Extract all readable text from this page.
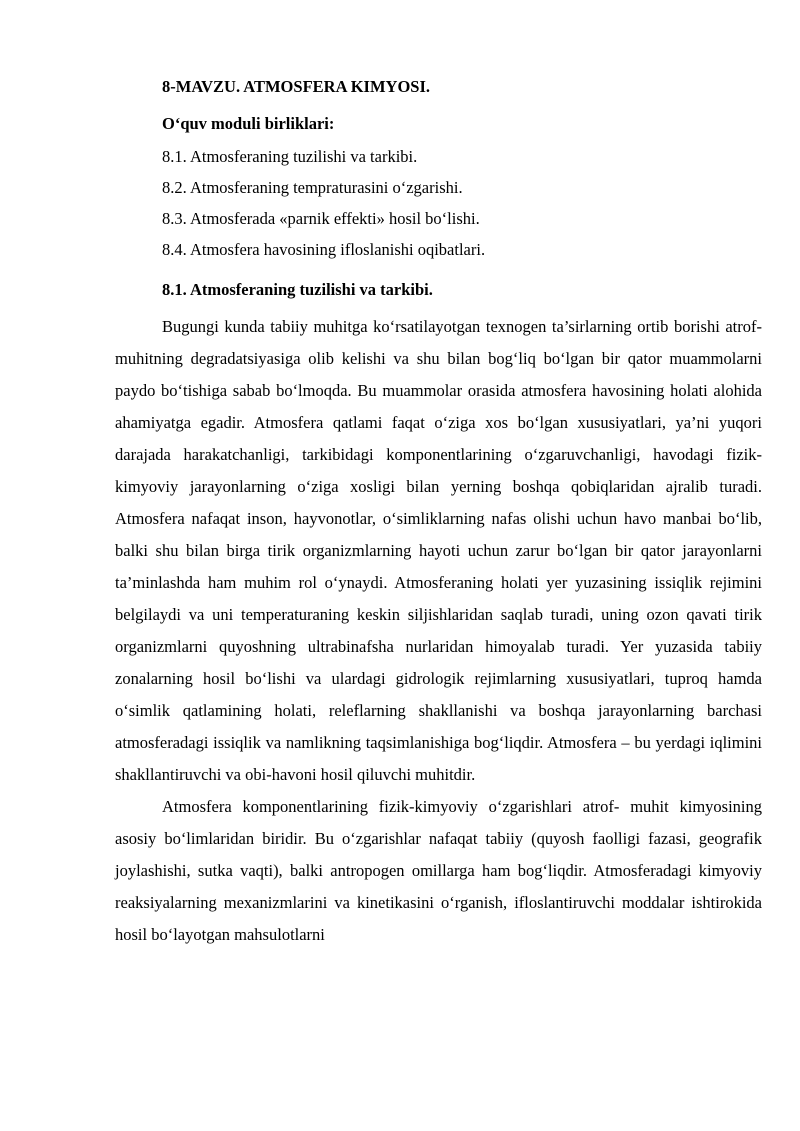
8-MAVZU. ATMOSFERA KIMYOSI.
O‘quv moduli birliklari:
8.1. Atmosferaning tuzilishi va tarkibi.
8.2. Atmosferaning tempraturasini o‘zgarishi.
8.3. Atmosferada «parnik effekti» hosil bo‘lishi.
8.4. Atmosfera havosining ifloslanishi oqibatlari.
8.1. Atmosferaning tuzilishi va tarkibi.

Bugungi kunda tabiiy muhitga ko‘rsatilayotgan texnogen ta’sirlarning ortib borishi atrof-muhitning degradatsiyasiga olib kelishi va shu bilan bog‘liq bo‘lgan bir qator muammolarni paydo bo‘tishiga sabab bo‘lmoqda. Bu muammolar orasida atmosfera havosining holati alohida ahamiyatga egadir. Atmosfera qatlami faqat o‘ziga xos bo‘lgan xususiyatlari, ya’ni yuqori darajada harakatchanligi, tarkibidagi komponentlarining o‘zgaruvchanligi, havodagi fizik- kimyoviy jarayonlarning o‘ziga xosligi bilan yerning boshqa qobiqlaridan ajralib turadi. Atmosfera nafaqat inson, hayvonotlar, o‘simliklarning nafas olishi uchun havo manbai bo‘lib, balki shu bilan birga tirik organizmlarning hayoti uchun zarur bo‘lgan bir qator jarayonlarni ta’minlashda ham muhim rol o‘ynaydi. Atmosferaning holati yer yuzasining issiqlik rejimini belgilaydi va uni temperaturaning keskin siljishlaridan saqlab turadi, uning ozon qavati tirik organizmlarni quyoshning ultrabinafsha nurlaridan himoyalab turadi. Yer yuzasida tabiiy zonalarning hosil bo‘lishi va ulardagi gidrologik rejimlarning xususiyatlari, tuproq hamda o‘simlik qatlamining holati, releflarning shakllanishi va boshqa jarayonlarning barchasi atmosferadagi issiqlik va namlikning taqsimlanishiga bog‘liqdir. Atmosfera – bu yerdagi iqlimini shakllantiruvchi va obi-havoni hosil qiluvchi muhitdir.

Atmosfera komponentlarining fizik-kimyoviy o‘zgarishlari atrof- muhit kimyosining asosiy bo‘limlaridan biridir. Bu o‘zgarishlar nafaqat tabiiy (quyosh faolligi fazasi, geografik joylashishi, sutka vaqti), balki antropogen omillarga ham bog‘liqdir. Atmosferadagi kimyoviy reaksiyalarning mexanizmlarini va kinetikasini o‘rganish, ifloslantiruvchi moddalar ishtirokida hosil bo‘layotgan mahsulotlarni
